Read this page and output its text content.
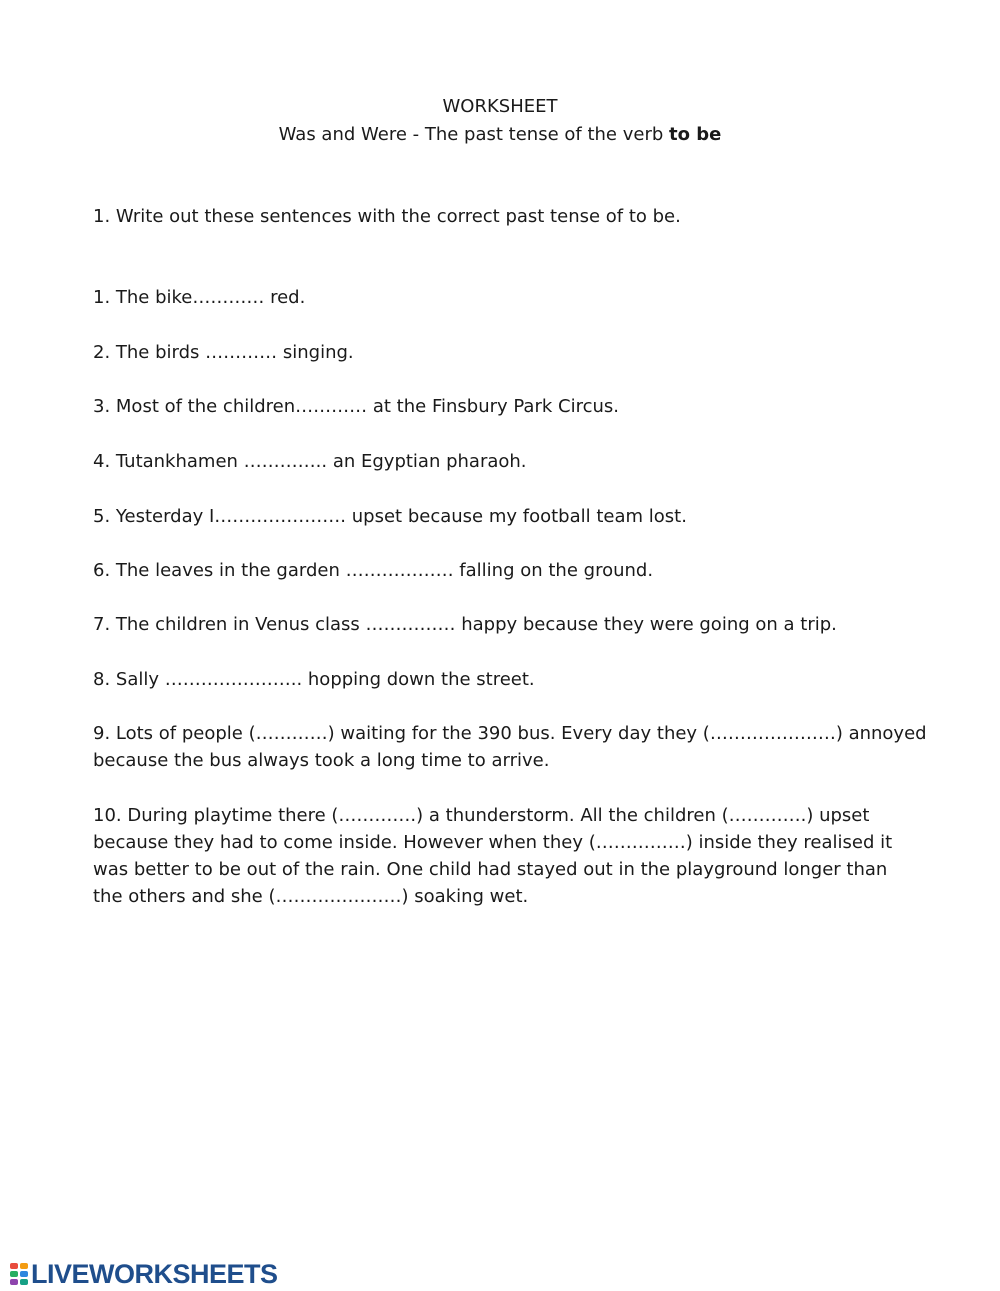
WORKSHEET
Was and Were - The past tense of the verb to be
1. Write out these sentences with the correct past tense of to be.
1. The bike………… red.
2. The birds ………… singing.
3. Most of the children………… at the Finsbury Park Circus.
4. Tutankhamen ………….. an Egyptian pharaoh.
5. Yesterday I…………………. upset because my football team lost.
6. The leaves in the garden ……………… falling on the ground.
7. The children in Venus class …………… happy because they were going on a trip.
8. Sally ………………….. hopping down the street.
9. Lots of people (…………) waiting for the 390 bus. Every day they (…………………) annoyed
because the bus always took a long time to arrive.
10. During playtime there (………….) a thunderstorm. All the children (………….) upset
because they had to come inside. However when they (……………) inside they realised it
was better to be out of the rain. One child had stayed out in the playground longer than
the others and she (…………………) soaking wet.
LIVEWORKSHEETS
